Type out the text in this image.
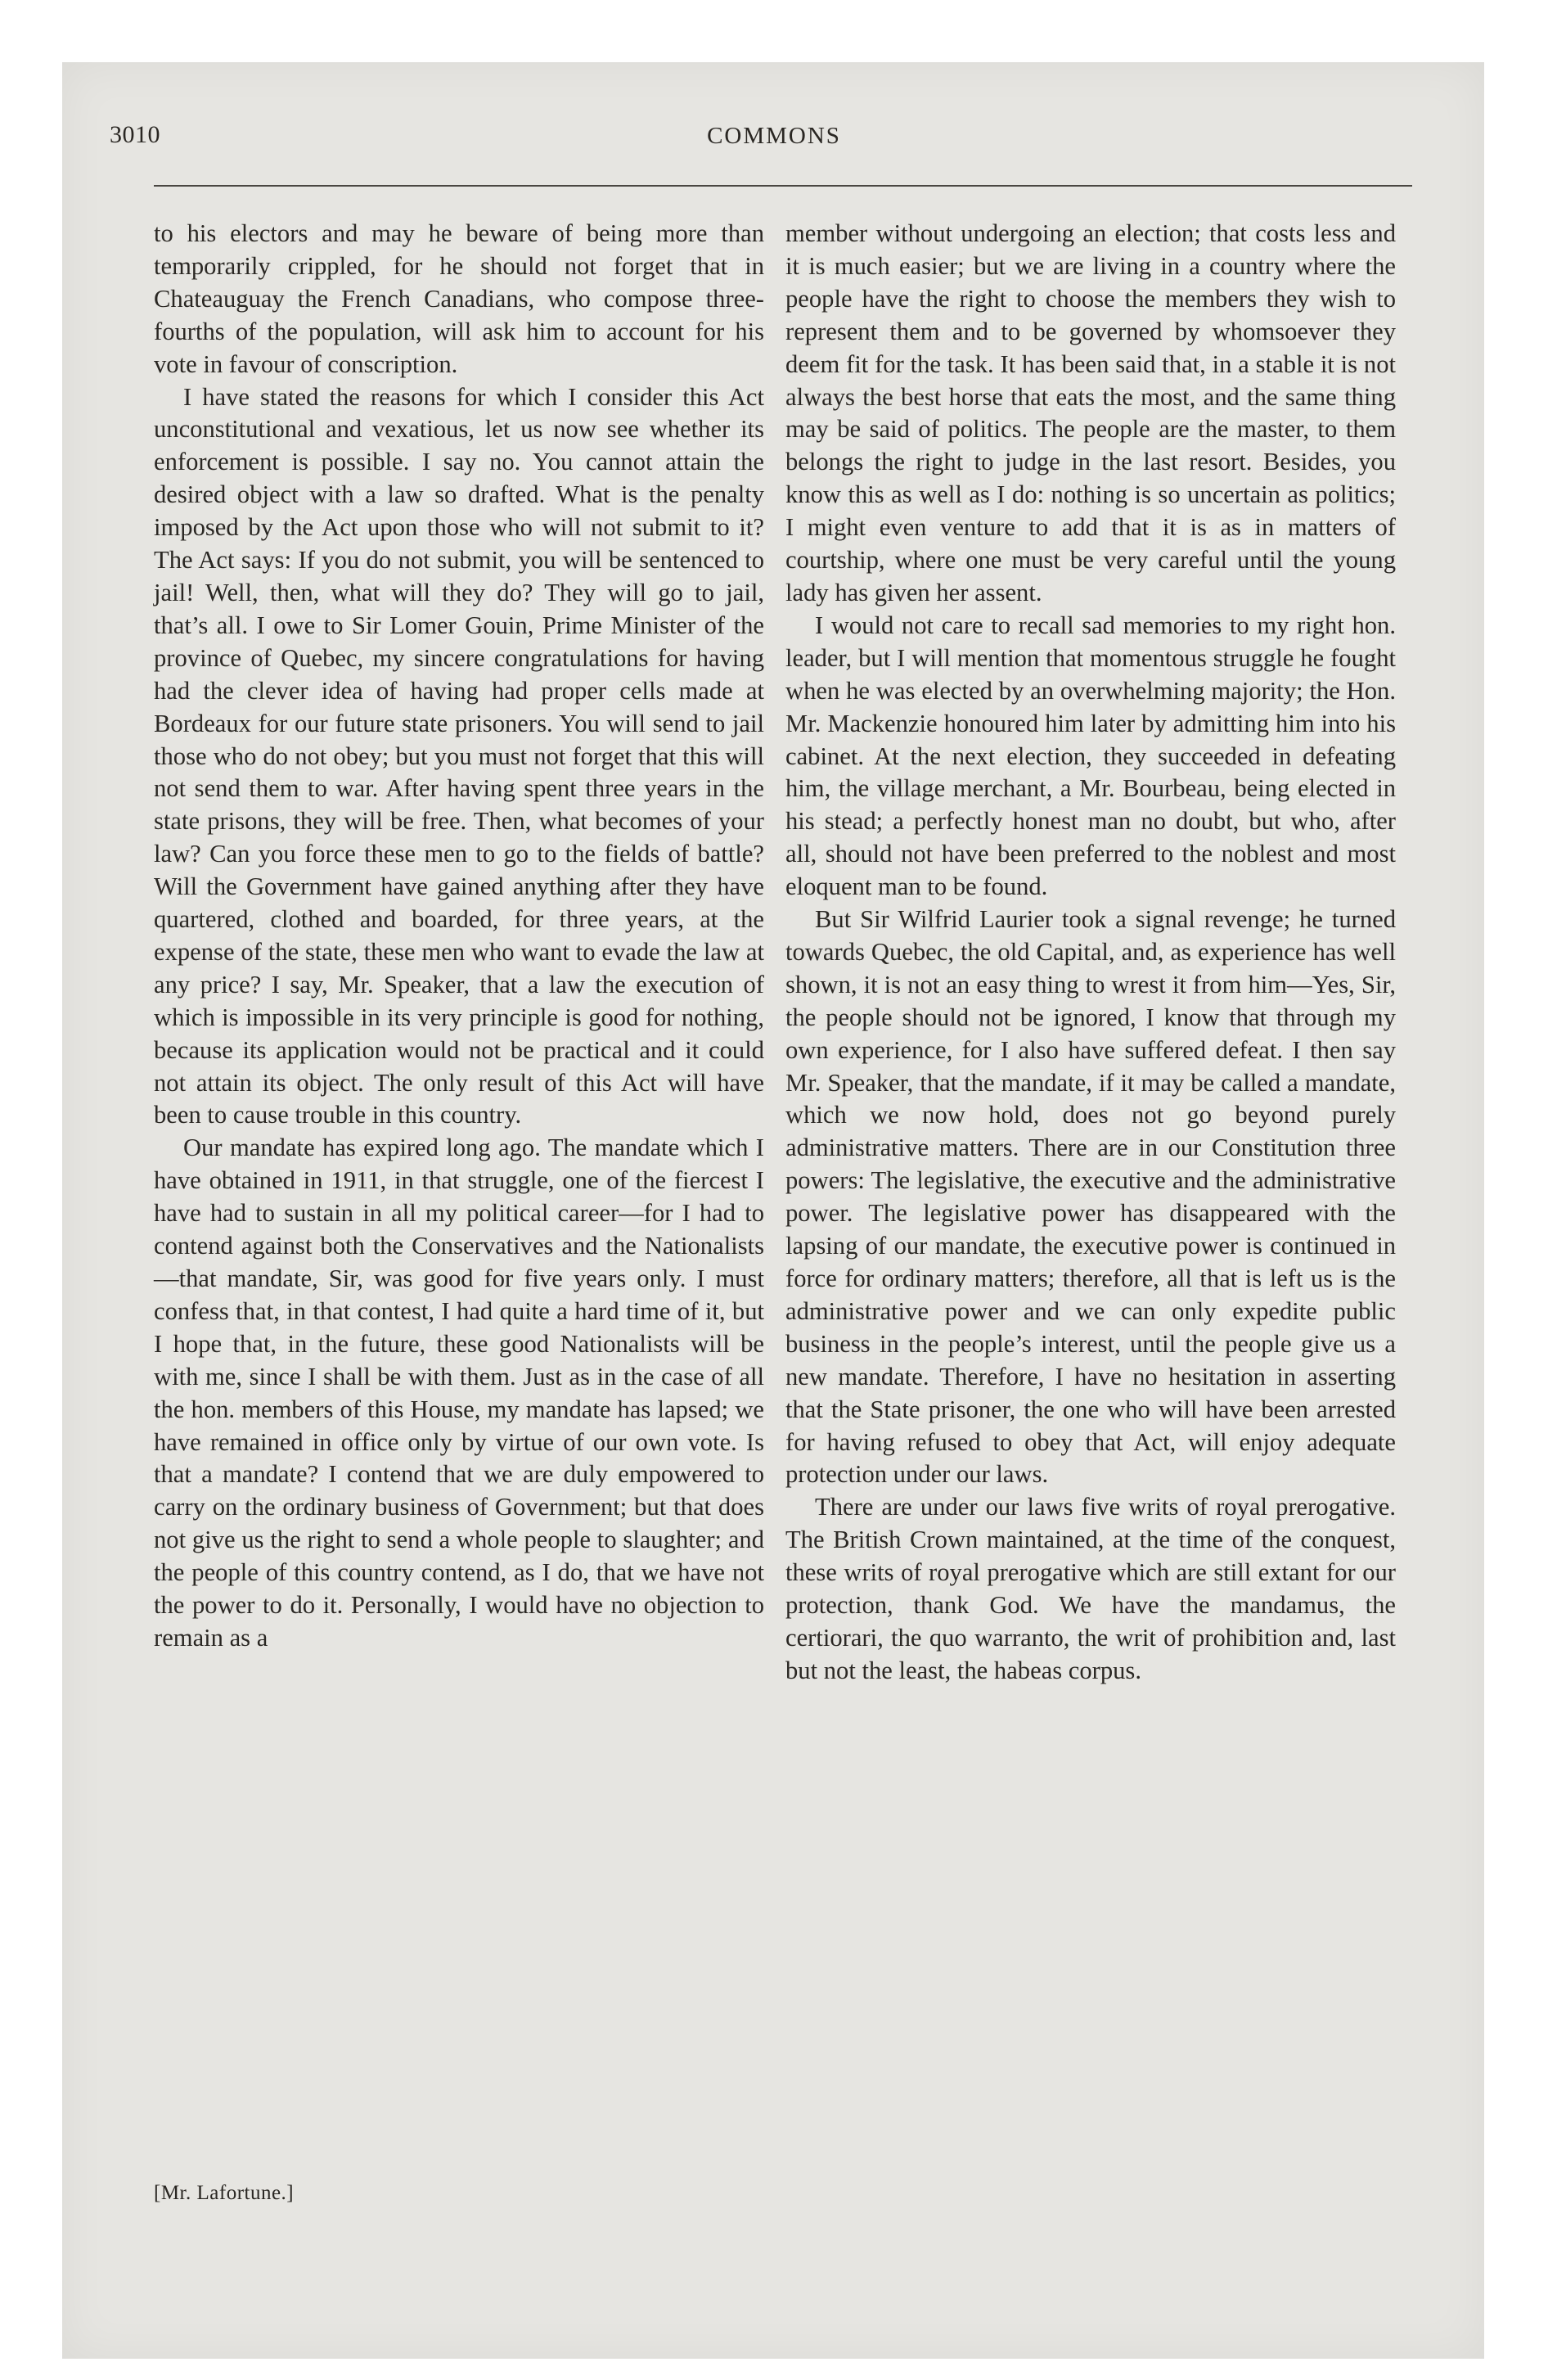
3010	COMMONS

to his electors and may he beware of being more than temporarily crippled, for he should not forget that in Chateauguay the French Canadians, who compose three-fourths of the population, will ask him to account for his vote in favour of conscription.

I have stated the reasons for which I consider this Act unconstitutional and vexatious, let us now see whether its enforcement is possible. I say no. You cannot attain the desired object with a law so drafted. What is the penalty imposed by the Act upon those who will not submit to it? The Act says: If you do not submit, you will be sentenced to jail! Well, then, what will they do? They will go to jail, that’s all. I owe to Sir Lomer Gouin, Prime Minister of the province of Quebec, my sincere congratulations for having had the clever idea of having had proper cells made at Bordeaux for our future state prisoners. You will send to jail those who do not obey; but you must not forget that this will not send them to war. After having spent three years in the state prisons, they will be free. Then, what becomes of your law? Can you force these men to go to the fields of battle? Will the Government have gained anything after they have quartered, clothed and boarded, for three years, at the expense of the state, these men who want to evade the law at any price? I say, Mr. Speaker, that a law the execution of which is impossible in its very principle is good for nothing, because its application would not be practical and it could not attain its object. The only result of this Act will have been to cause trouble in this country.

Our mandate has expired long ago. The mandate which I have obtained in 1911, in that struggle, one of the fiercest I have had to sustain in all my political career—for I had to contend against both the Conservatives and the Nationalists—that mandate, Sir, was good for five years only. I must confess that, in that contest, I had quite a hard time of it, but I hope that, in the future, these good Nationalists will be with me, since I shall be with them. Just as in the case of all the hon. members of this House, my mandate has lapsed; we have remained in office only by virtue of our own vote. Is that a mandate? I contend that we are duly empowered to carry on the ordinary business of Government; but that does not give us the right to send a whole people to slaughter; and the people of this country contend, as I do, that we have not the power to do it. Personally, I would have no objection to remain as a

member without undergoing an election; that costs less and it is much easier; but we are living in a country where the people have the right to choose the members they wish to represent them and to be governed by whomsoever they deem fit for the task. It has been said that, in a stable it is not always the best horse that eats the most, and the same thing may be said of politics. The people are the master, to them belongs the right to judge in the last resort. Besides, you know this as well as I do: nothing is so uncertain as politics; I might even venture to add that it is as in matters of courtship, where one must be very careful until the young lady has given her assent.

I would not care to recall sad memories to my right hon. leader, but I will mention that momentous struggle he fought when he was elected by an overwhelming majority; the Hon. Mr. Mackenzie honoured him later by admitting him into his cabinet. At the next election, they succeeded in defeating him, the village merchant, a Mr. Bourbeau, being elected in his stead; a perfectly honest man no doubt, but who, after all, should not have been preferred to the noblest and most eloquent man to be found.

But Sir Wilfrid Laurier took a signal revenge; he turned towards Quebec, the old Capital, and, as experience has well shown, it is not an easy thing to wrest it from him—Yes, Sir, the people should not be ignored, I know that through my own experience, for I also have suffered defeat. I then say Mr. Speaker, that the mandate, if it may be called a mandate, which we now hold, does not go beyond purely administrative matters. There are in our Constitution three powers: The legislative, the executive and the administrative power. The legislative power has disappeared with the lapsing of our mandate, the executive power is continued in force for ordinary matters; therefore, all that is left us is the administrative power and we can only expedite public business in the people’s interest, until the people give us a new mandate. Therefore, I have no hesitation in asserting that the State prisoner, the one who will have been arrested for having refused to obey that Act, will enjoy adequate protection under our laws.

There are under our laws five writs of royal prerogative. The British Crown maintained, at the time of the conquest, these writs of royal prerogative which are still extant for our protection, thank God. We have the mandamus, the certiorari, the quo warranto, the writ of prohibition and, last but not the least, the habeas corpus.

[Mr. Lafortune.]
